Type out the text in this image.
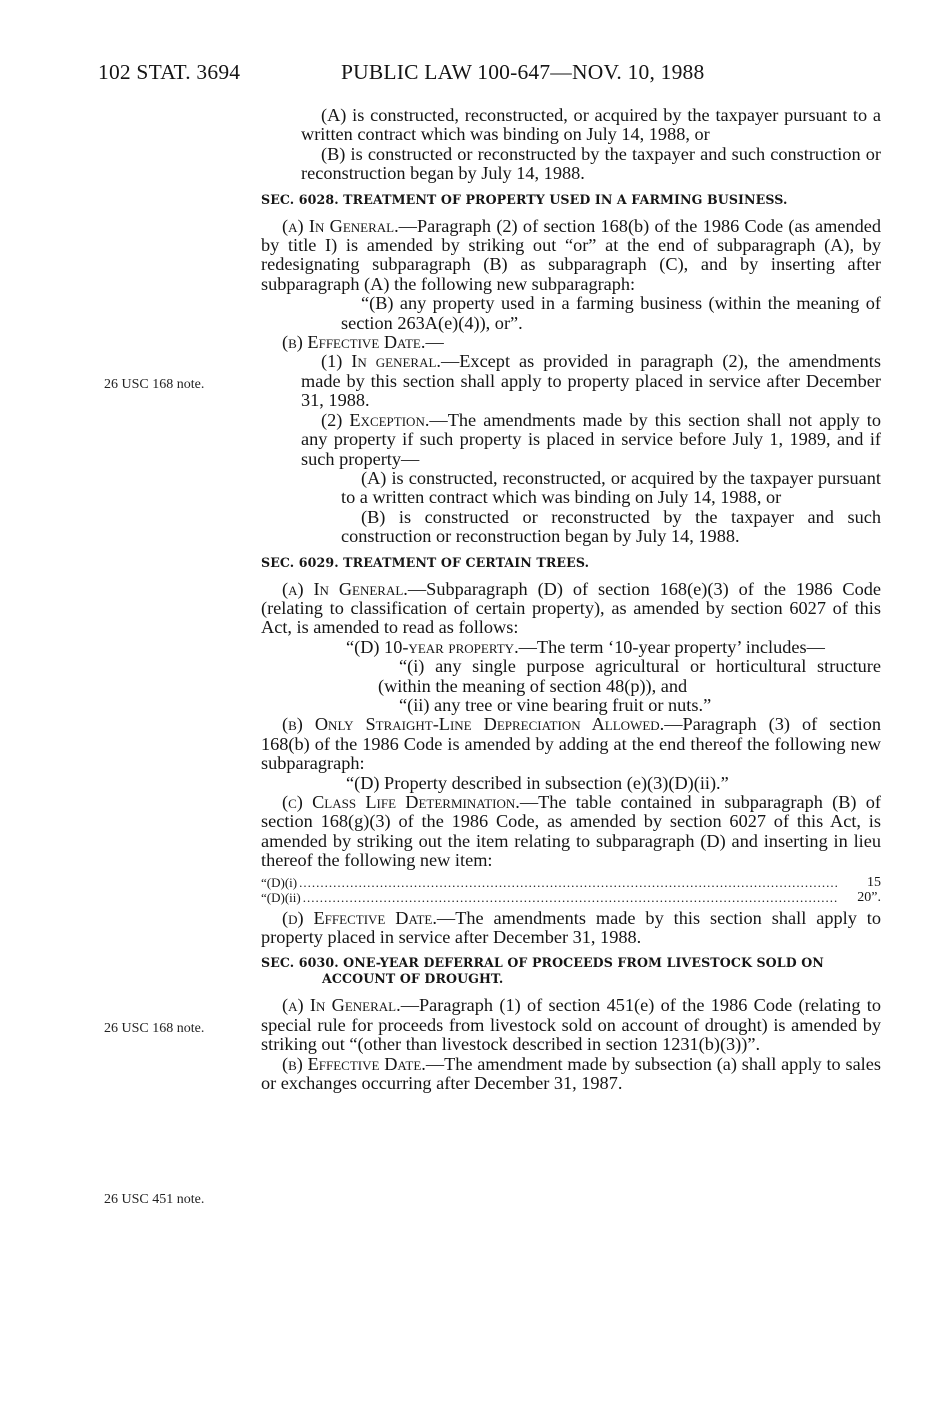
102 STAT. 3694	PUBLIC LAW 100-647—NOV. 10, 1988
26 USC 168 note.
26 USC 168 note.
26 USC 451 note.

(A) is constructed, reconstructed, or acquired by the taxpayer pursuant to a written contract which was binding on July 14, 1988, or

(B) is constructed or reconstructed by the taxpayer and such construction or reconstruction began by July 14, 1988.

SEC. 6028. TREATMENT OF PROPERTY USED IN A FARMING BUSINESS.

(a) In General.—Paragraph (2) of section 168(b) of the 1986 Code (as amended by title I) is amended by striking out “or” at the end of subparagraph (A), by redesignating subparagraph (B) as subparagraph (C), and by inserting after subparagraph (A) the following new subparagraph:

“(B) any property used in a farming business (within the meaning of section 263A(e)(4)), or”.

(b) Effective Date.—

(1) In general.—Except as provided in paragraph (2), the amendments made by this section shall apply to property placed in service after December 31, 1988.

(2) Exception.—The amendments made by this section shall not apply to any property if such property is placed in service before July 1, 1989, and if such property—

(A) is constructed, reconstructed, or acquired by the taxpayer pursuant to a written contract which was binding on July 14, 1988, or

(B) is constructed or reconstructed by the taxpayer and such construction or reconstruction began by July 14, 1988.

SEC. 6029. TREATMENT OF CERTAIN TREES.

(a) In General.—Subparagraph (D) of section 168(e)(3) of the 1986 Code (relating to classification of certain property), as amended by section 6027 of this Act, is amended to read as follows:

“(D) 10-year property.—The term ‘10-year property’ includes—

“(i) any single purpose agricultural or horticultural structure (within the meaning of section 48(p)), and

“(ii) any tree or vine bearing fruit or nuts.”

(b) Only Straight-Line Depreciation Allowed.—Paragraph (3) of section 168(b) of the 1986 Code is amended by adding at the end thereof the following new subparagraph:

“(D) Property described in subsection (e)(3)(D)(ii).”

(c) Class Life Determination.—The table contained in subparagraph (B) of section 168(g)(3) of the 1986 Code, as amended by section 6027 of this Act, is amended by striking out the item relating to subparagraph (D) and inserting in lieu thereof the following new item:

“(D)(i) .....	15
“(D)(ii) .....	20”.

(d) Effective Date.—The amendments made by this section shall apply to property placed in service after December 31, 1988.

SEC. 6030. ONE-YEAR DEFERRAL OF PROCEEDS FROM LIVESTOCK SOLD ON ACCOUNT OF DROUGHT.

(a) In General.—Paragraph (1) of section 451(e) of the 1986 Code (relating to special rule for proceeds from livestock sold on account of drought) is amended by striking out “(other than livestock described in section 1231(b)(3))”.

(b) Effective Date.—The amendment made by subsection (a) shall apply to sales or exchanges occurring after December 31, 1987.
